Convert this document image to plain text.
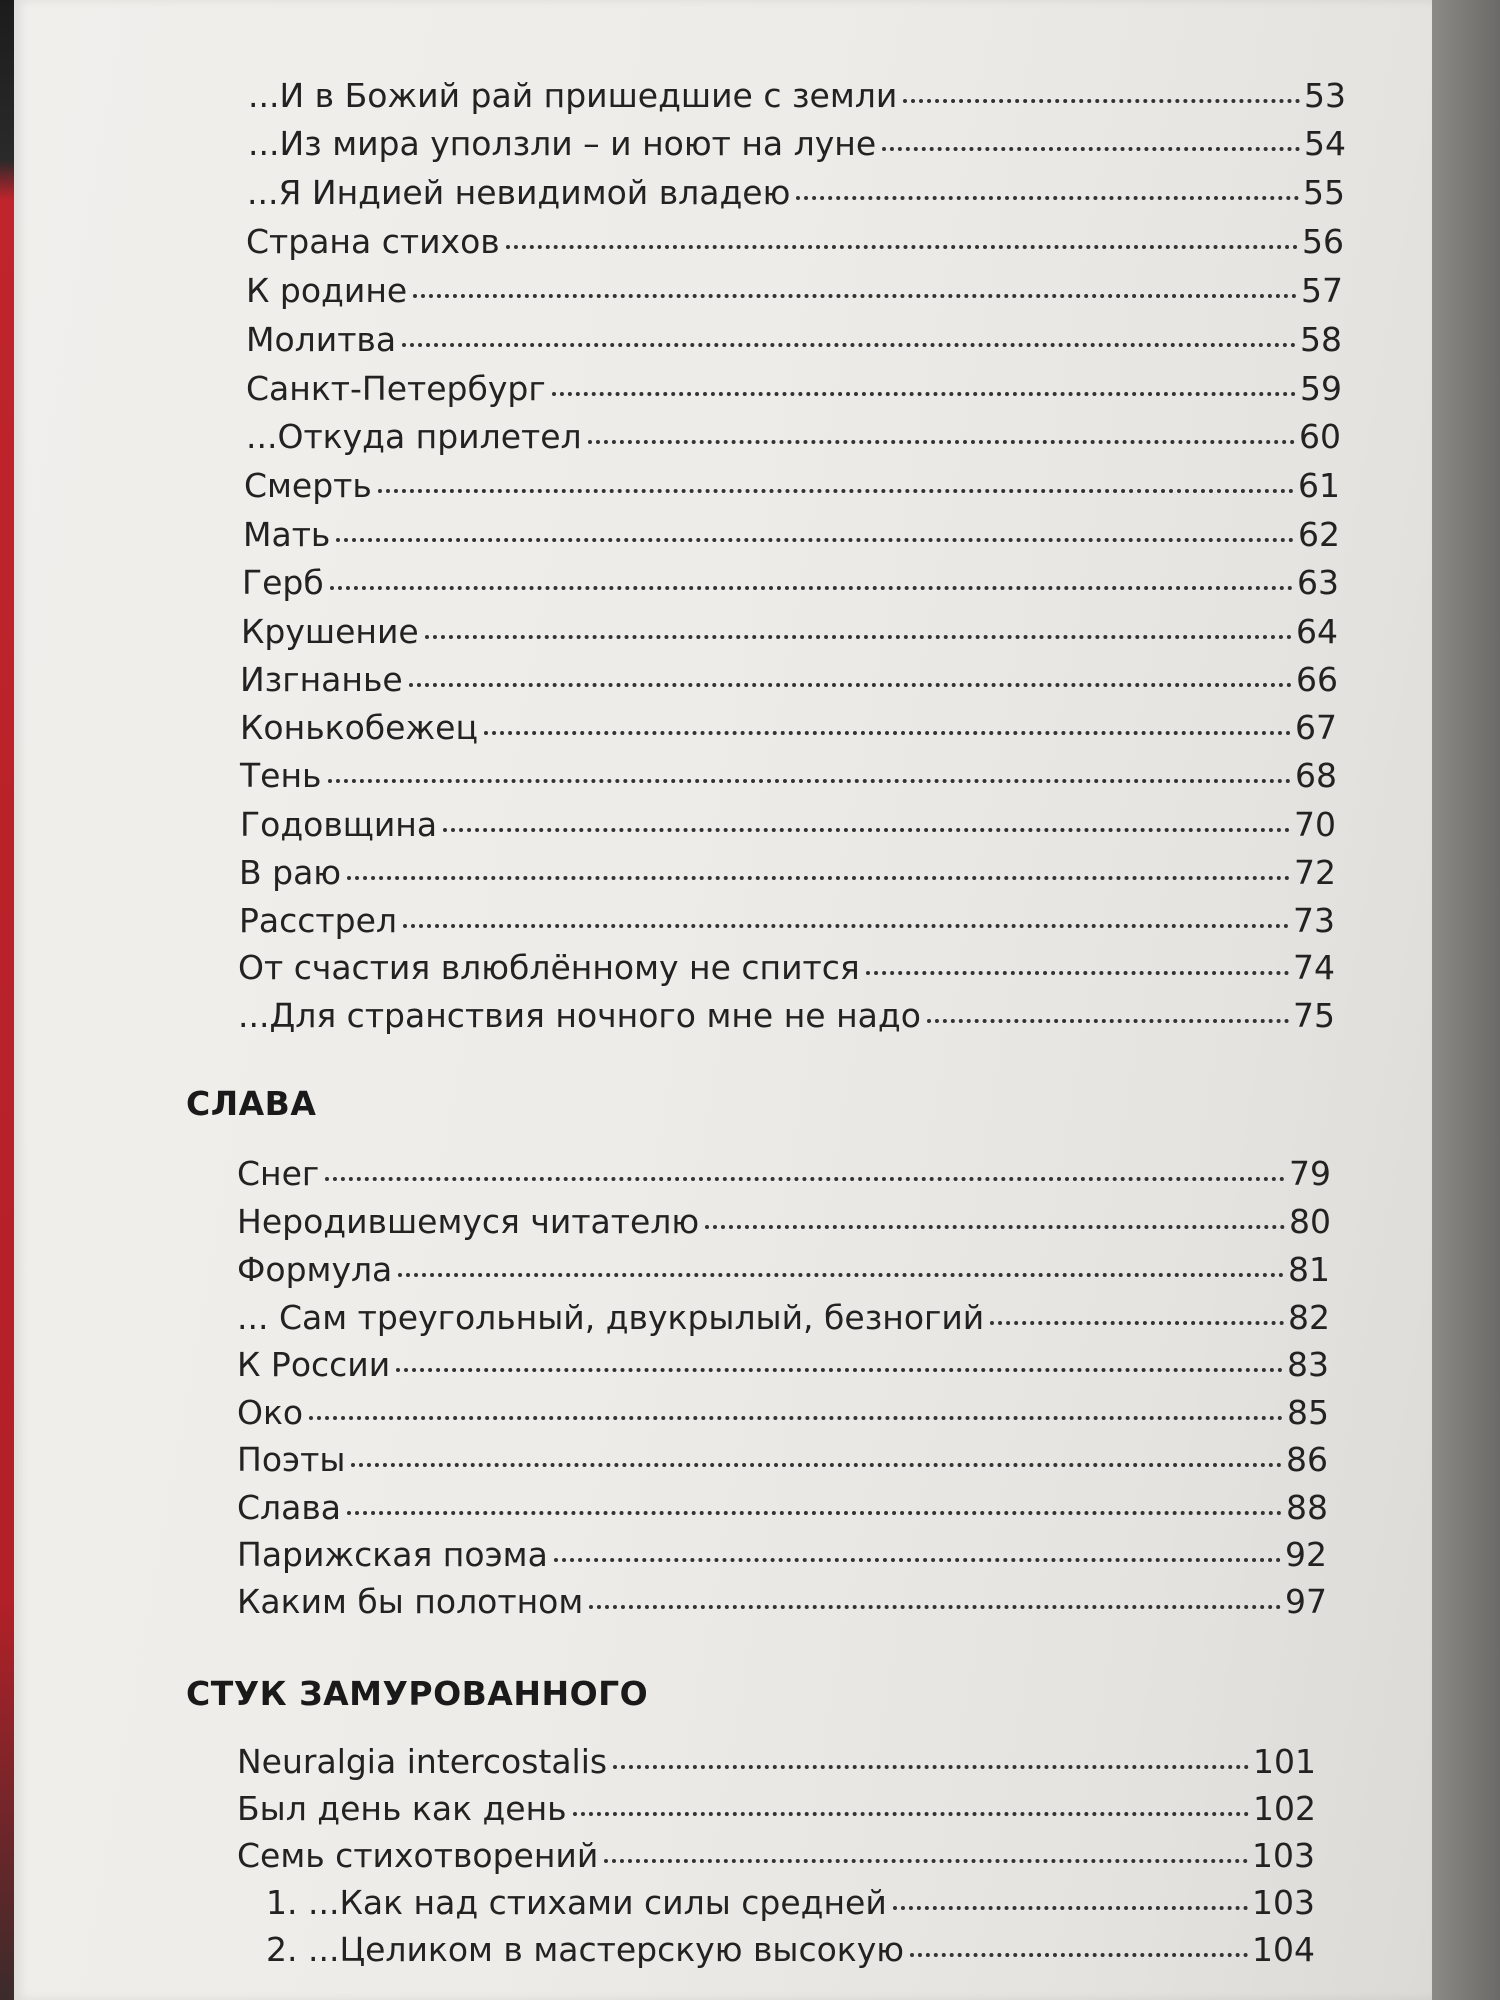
...И в Божий рай пришедшие с земли	53
...Из мира уползли – и ноют на луне	54
...Я Индией невидимой владею	55
Страна стихов	56
К родине	57
Молитва	58
Санкт-Петербург	59
...Откуда прилетел	60
Смерть	61
Мать	62
Герб	63
Крушение	64
Изгнанье	66
Конькобежец	67
Тень	68
Годовщина	70
В раю	72
Расстрел	73
От счастия влюблённому не спится	74
...Для странствия ночного мне не надо	75
СЛАВА
Снег	79
Неродившемуся читателю	80
Формула	81
... Сам треугольный, двукрылый, безногий	82
К России	83
Око	85
Поэты	86
Слава	88
Парижская поэма	92
Каким бы полотном	97
СТУК ЗАМУРОВАННОГО
Neuralgia intercostalis	101
Был день как день	102
Семь стихотворений	103
1. ...Как над стихами силы средней	103
2. ...Целиком в мастерскую высокую	104
